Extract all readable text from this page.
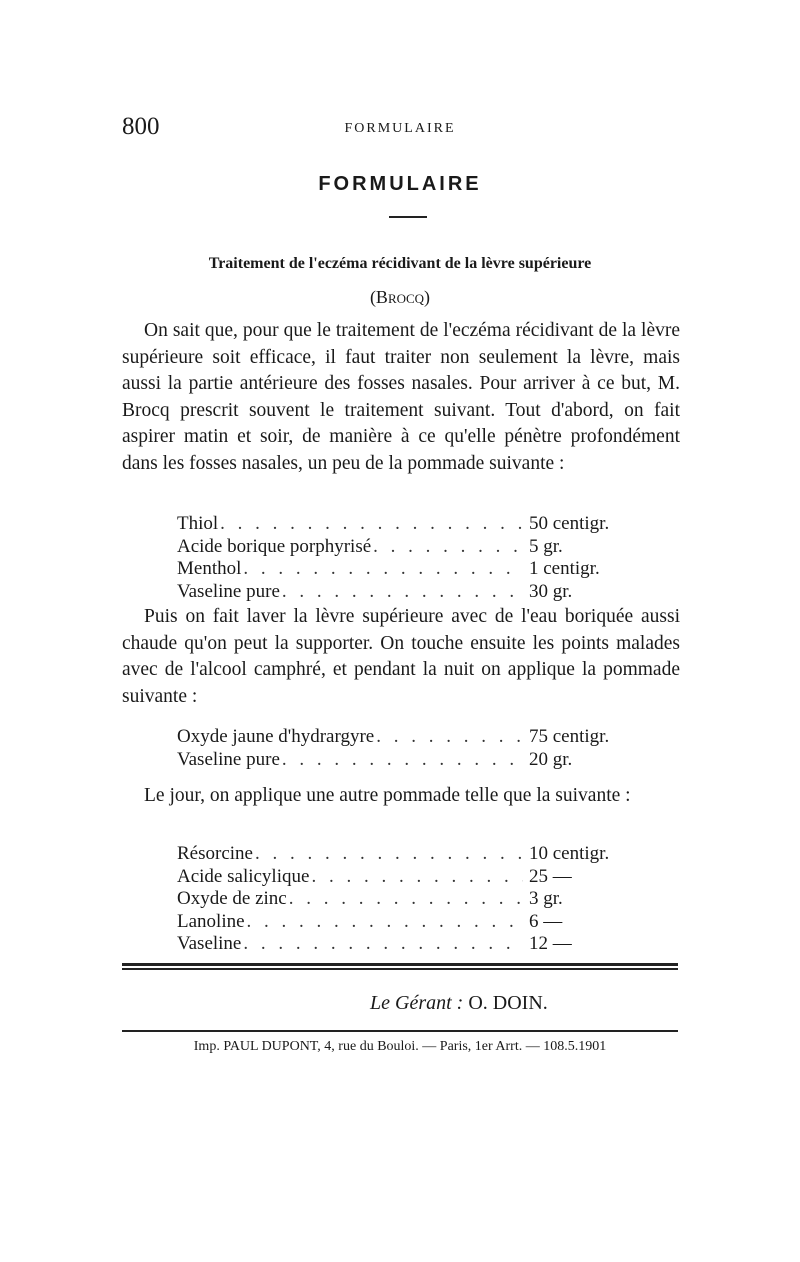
800	FORMULAIRE
FORMULAIRE
Traitement de l'eczéma récidivant de la lèvre supérieure
(Brocq)

On sait que, pour que le traitement de l'eczéma récidivant de la lèvre supérieure soit efficace, il faut traiter non seulement la lèvre, mais aussi la partie antérieure des fosses nasales. Pour arriver à ce but, M. Brocq prescrit souvent le traitement suivant. Tout d'abord, on fait aspirer matin et soir, de manière à ce qu'elle pénètre profondément dans les fosses nasales, un peu de la pommade suivante :

Thiol . . .	50 centigr.
Acide borique porphyrisé . . .	5 gr.
Menthol . . .	1 centigr.
Vaseline pure . . .	30 gr.

Puis on fait laver la lèvre supérieure avec de l'eau boriquée aussi chaude qu'on peut la supporter. On touche ensuite les points malades avec de l'alcool camphré, et pendant la nuit on applique la pommade suivante :

Oxyde jaune d'hydrargyre . . .	75 centigr.
Vaseline pure . . .	20 gr.

Le jour, on applique une autre pommade telle que la suivante :

Résorcine . . .	10 centigr.
Acide salicylique . . .	25 —
Oxyde de zinc . . .	3 gr.
Lanoline . . .	6 —
Vaseline . . .	12 —
Le Gérant : O. DOIN.
Imp. PAUL DUPONT, 4, rue du Bouloi. — Paris, 1er Arrt. — 108.5.1901
